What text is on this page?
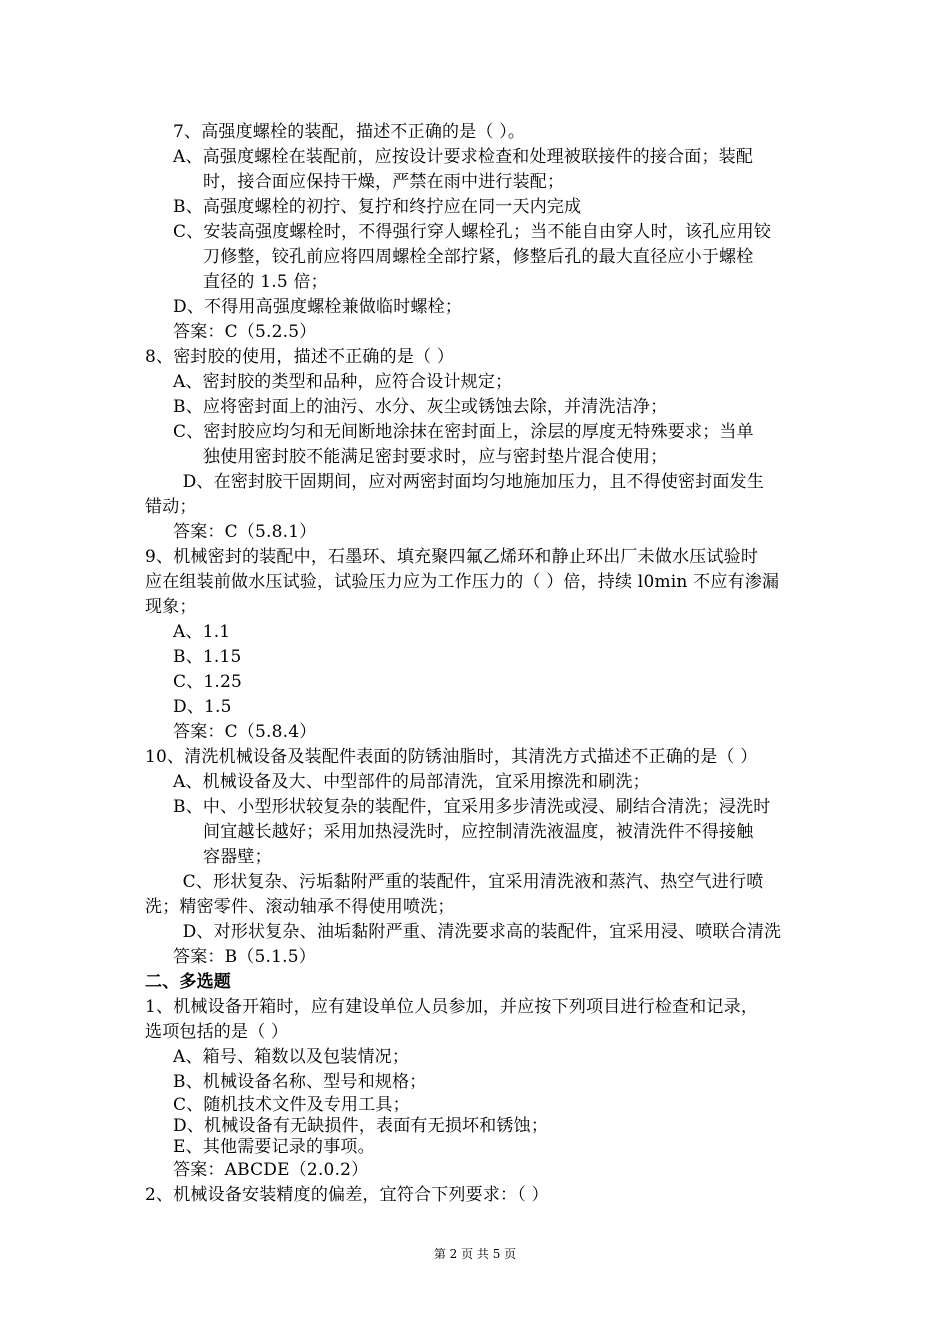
7、高强度螺栓的装配，描述不正确的是（ ）。
A、高强度螺栓在装配前，应按设计要求检查和处理被联接件的接合面；装配
时，接合面应保持干燥，严禁在雨中进行装配；
B、高强度螺栓的初拧、复拧和终拧应在同一天内完成
C、安装高强度螺栓时，不得强行穿人螺栓孔；当不能自由穿人时，该孔应用铰
刀修整，铰孔前应将四周螺栓全部拧紧，修整后孔的最大直径应小于螺栓
直径的 1.5 倍；
D、不得用高强度螺栓兼做临时螺栓；
答案：C（5.2.5）
8、密封胶的使用，描述不正确的是（ ）
A、密封胶的类型和品种，应符合设计规定；
B、应将密封面上的油污、水分、灰尘或锈蚀去除，并清洗洁净；
C、密封胶应均匀和无间断地涂抹在密封面上，涂层的厚度无特殊要求；当单
独使用密封胶不能满足密封要求时，应与密封垫片混合使用；
D、在密封胶干固期间，应对两密封面均匀地施加压力，且不得使密封面发生
错动；
答案：C（5.8.1）
9、机械密封的装配中，石墨环、填充聚四氟乙烯环和静止环出厂未做水压试验时
应在组装前做水压试验，试验压力应为工作压力的（ ）倍，持续 l0min 不应有渗漏
现象；
A、1.1
B、1.15
C、1.25
D、1.5
答案：C（5.8.4）
10、清洗机械设备及装配件表面的防锈油脂时，其清洗方式描述不正确的是（ ）
A、机械设备及大、中型部件的局部清洗，宜采用擦洗和刷洗；
B、中、小型形状较复杂的装配件，宜采用多步清洗或浸、刷结合清洗；浸洗时
间宜越长越好；采用加热浸洗时，应控制清洗液温度，被清洗件不得接触
容器壁；
C、形状复杂、污垢黏附严重的装配件，宜采用清洗液和蒸汽、热空气进行喷
洗；精密零件、滚动轴承不得使用喷洗；
D、对形状复杂、油垢黏附严重、清洗要求高的装配件，宜采用浸、喷联合清洗
答案：B（5.1.5）
二、多选题
1、机械设备开箱时，应有建设单位人员参加，并应按下列项目进行检查和记录，
选项包括的是（ ）
A、箱号、箱数以及包装情况；
B、机械设备名称、型号和规格；
C、随机技术文件及专用工具；
D、机械设备有无缺损件，表面有无损坏和锈蚀；
E、其他需要记录的事项。
答案：ABCDE（2.0.2）
2、机械设备安装精度的偏差，宜符合下列要求：（ ）
第 2 页 共 5 页
